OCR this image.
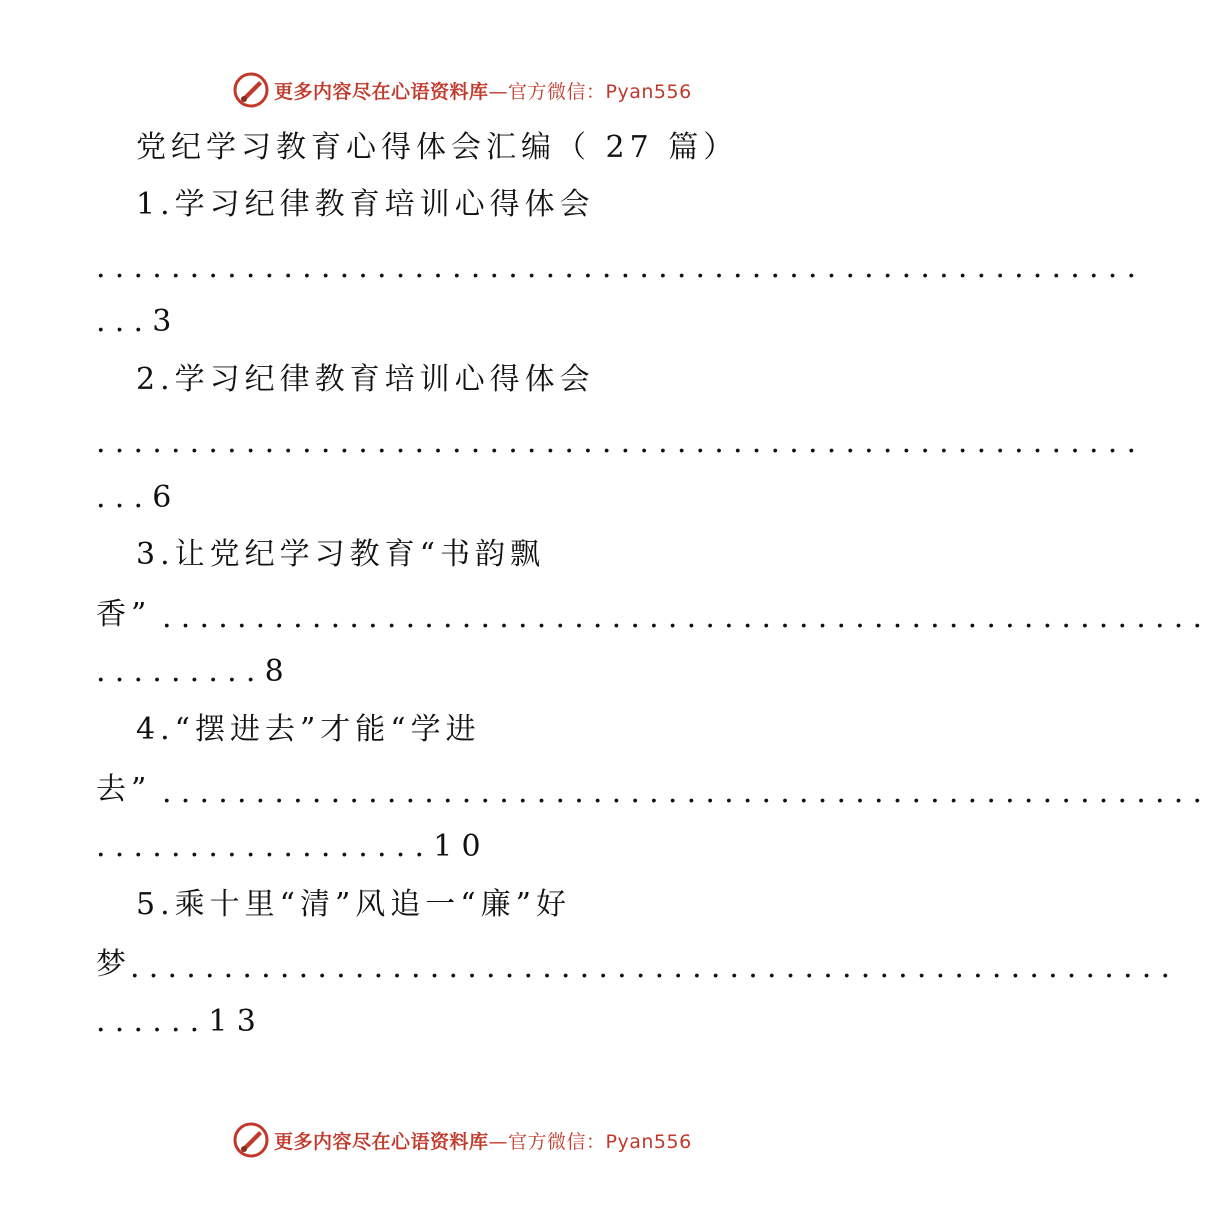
更多内容尽在心语资料库—官方微信：Pyan556
党纪学习教育心得体会汇编（ 27 篇）
1.学习纪律教育培训心得体会
........................................................
...3
2.学习纪律教育培训心得体会
........................................................
...6
3.让党纪学习教育“书韵飘
香” ........................................................
.........8
4.“摆进去”才能“学进
去” ........................................................
..................10
5.乘十里“清”风追一“廉”好
梦 ........................................................
......13
更多内容尽在心语资料库—官方微信：Pyan556
